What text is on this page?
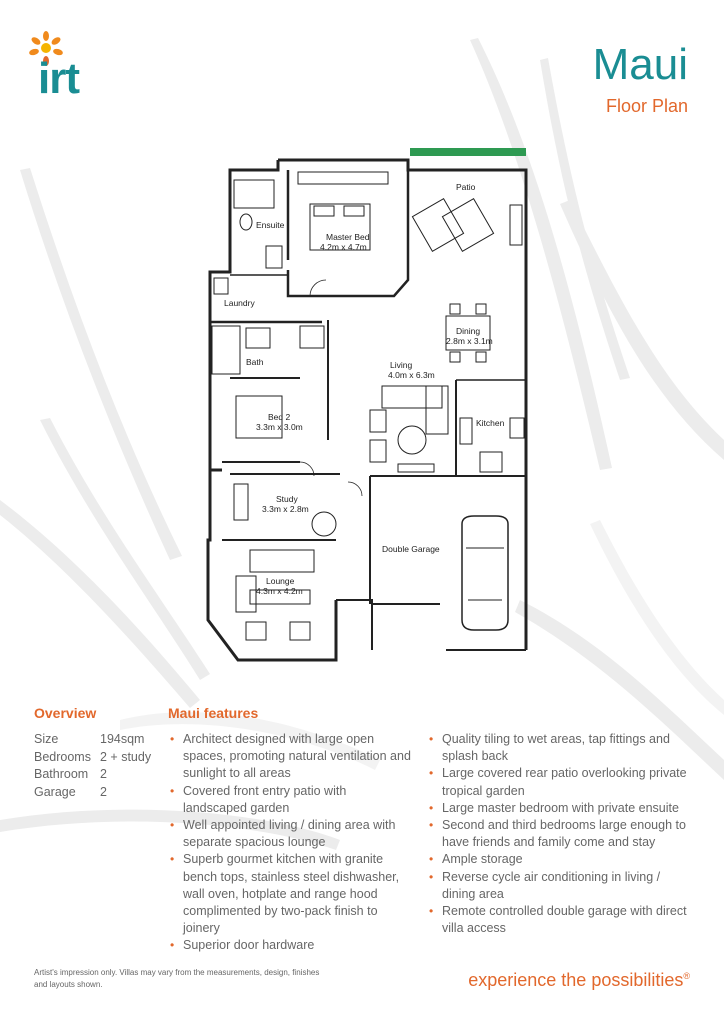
irt	Maui
Floor Plan
Patio
Ensuite
Master Bed
4.2m x 4.7m
Laundry
Dining
2.8m x 3.1m
Bath	Living
4.0m x 6.3m
Bed 2
3.3m x 3.0m	Kitchen
Study
3.3m x 2.8m
Double Garage
Lounge
4.3m x 4.2m
Overview
Size	194sqm
Bedrooms 2 + study
Bathroom 2
Garage	2
Maui features
• Architect designed with large open spaces, promoting natural ventilation and sunlight to all areas
• Covered front entry patio with landscaped garden
• Well appointed living / dining area with separate spacious lounge
• Superb gourmet kitchen with granite bench tops, stainless steel dishwasher, wall oven, hotplate and range hood complimented by two-pack finish to joinery
• Superior door hardware
• Quality tiling to wet areas, tap fittings and splash back
• Large covered rear patio overlooking private tropical garden
• Large master bedroom with private ensuite
• Second and third bedrooms large enough to have friends and family come and stay
• Ample storage
• Reverse cycle air conditioning in living / dining area
• Remote controlled double garage with direct villa access
Artist's impression only. Villas may vary from the measurements, design, finishes and layouts shown.	experience the possibilities®
